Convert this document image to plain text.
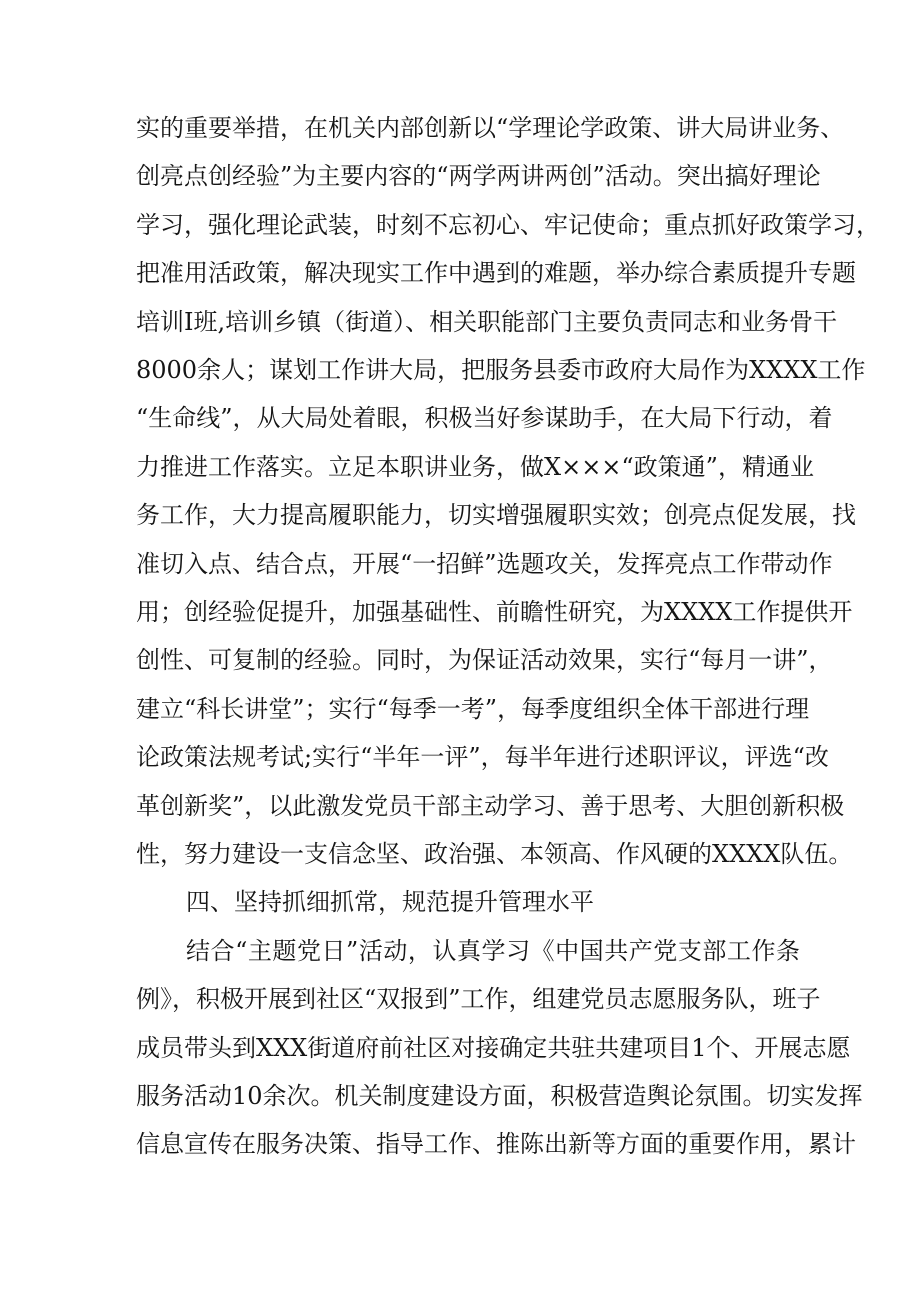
实的重要举措，在机关内部创新以“学理论学政策、讲大局讲业务、
创亮点创经验”为主要内容的“两学两讲两创”活动。突出搞好理论
学习，强化理论武装，时刻不忘初心、牢记使命；重点抓好政策学习，
把准用活政策，解决现实工作中遇到的难题，举办综合素质提升专题
培训Ⅰ班,培训乡镇（街道）、相关职能部门主要负责同志和业务骨干
8000余人；谋划工作讲大局，把服务县委市政府大局作为XXXX工作
“生命线”，从大局处着眼，积极当好参谋助手，在大局下行动，着
力推进工作落实。立足本职讲业务，做X×××“政策通”，精通业
务工作，大力提高履职能力，切实增强履职实效；创亮点促发展，找
准切入点、结合点，开展“一招鲜”选题攻关，发挥亮点工作带动作
用；创经验促提升，加强基础性、前瞻性研究，为XXXX工作提供开
创性、可复制的经验。同时，为保证活动效果，实行“每月一讲”，
建立“科长讲堂”；实行“每季一考”，每季度组织全体干部进行理
论政策法规考试;实行“半年一评”，每半年进行述职评议，评选“改
革创新奖”，以此激发党员干部主动学习、善于思考、大胆创新积极
性，努力建设一支信念坚、政治强、本领高、作风硬的XXXX队伍。
四、坚持抓细抓常，规范提升管理水平
结合“主题党日”活动，认真学习《中国共产党支部工作条
例》，积极开展到社区“双报到”工作，组建党员志愿服务队，班子
成员带头到XXX街道府前社区对接确定共驻共建项目1个、开展志愿
服务活动10余次。机关制度建设方面，积极营造舆论氛围。切实发挥
信息宣传在服务决策、指导工作、推陈出新等方面的重要作用，累计
